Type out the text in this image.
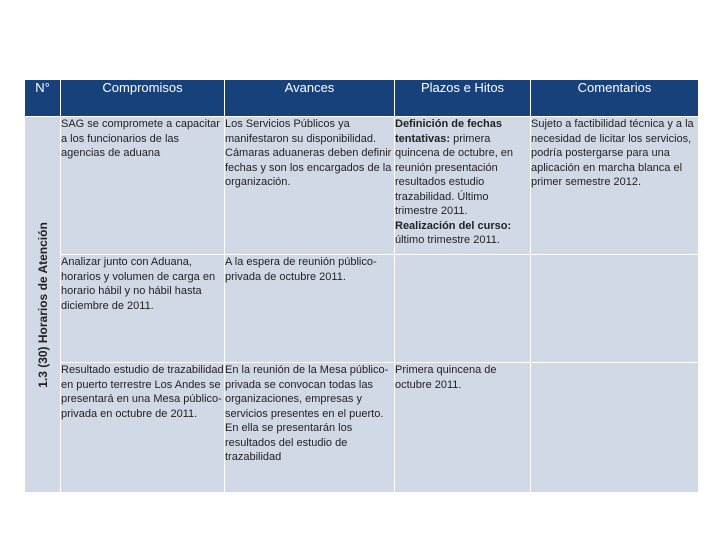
N°	Compromisos	Avances	Plazos e Hitos	Comentarios

1.3 (30) Horarios de Atención	SAG se compromete a capacitar a los funcionarios de las agencias de aduana	Los Servicios Públicos ya manifestaron su disponibilidad. Cámaras aduaneras deben definir fechas y son los encargados de la organización.	Definición de fechas tentativas: primera quincena de octubre, en reunión presentación resultados estudio trazabilidad. Último trimestre 2011. Realización del curso: último trimestre 2011.	Sujeto a factibilidad técnica y a la necesidad de licitar los servicios, podría postergarse para una aplicación en marcha blanca el primer semestre 2012.
	Analizar junto con Aduana, horarios y volumen de carga en horario hábil y no hábil hasta diciembre de 2011.	A la espera de reunión público-privada de octubre 2011.		
	Resultado estudio de trazabilidad en puerto terrestre Los Andes se presentará en una Mesa público-privada en octubre de 2011.	En la reunión de la Mesa público-privada se convocan todas las organizaciones, empresas y servicios presentes en el puerto. En ella se presentarán los resultados del estudio de trazabilidad	Primera quincena de octubre 2011.	
